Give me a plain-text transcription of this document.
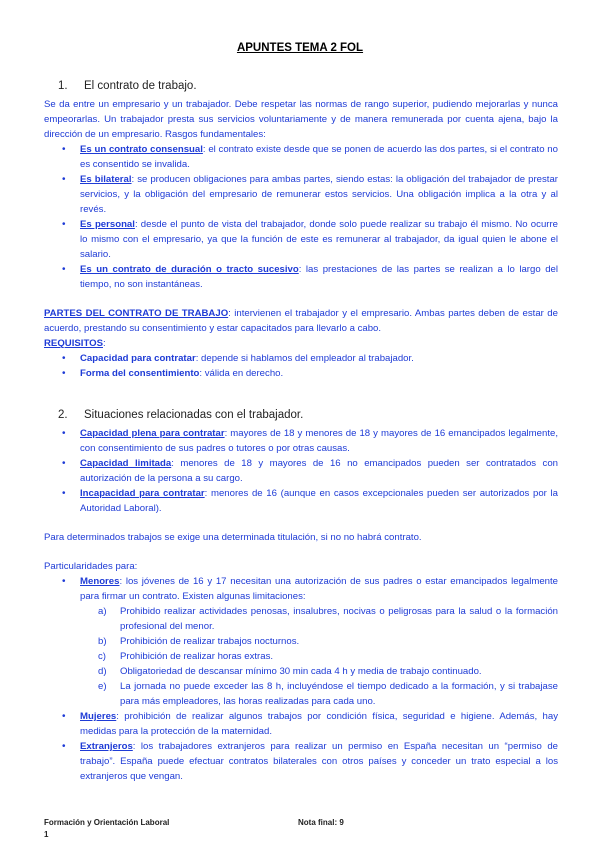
APUNTES TEMA 2 FOL
1. El contrato de trabajo.

Se da entre un empresario y un trabajador. Debe respetar las normas de rango superior, pudiendo mejorarlas y nunca empeorarlas. Un trabajador presta sus servicios voluntariamente y de manera remunerada por cuenta ajena, bajo la dirección de un empresario. Rasgos fundamentales:

• Es un contrato consensual: el contrato existe desde que se ponen de acuerdo las dos partes, si el contrato no es consentido se invalida.
• Es bilateral: se producen obligaciones para ambas partes, siendo estas: la obligación del trabajador de prestar servicios, y la obligación del empresario de remunerar estos servicios. Una obligación implica a la otra y al revés.
• Es personal: desde el punto de vista del trabajador, donde solo puede realizar su trabajo él mismo. No ocurre lo mismo con el empresario, ya que la función de este es remunerar al trabajador, da igual quien le abone el salario.
• Es un contrato de duración o tracto sucesivo: las prestaciones de las partes se realizan a lo largo del tiempo, no son instantáneas.

PARTES DEL CONTRATO DE TRABAJO: intervienen el trabajador y el empresario. Ambas partes deben de estar de acuerdo, prestando su consentimiento y estar capacitados para llevarlo a cabo.

REQUISITOS:

• Capacidad para contratar: depende si hablamos del empleador al trabajador.
• Forma del consentimiento: válida en derecho.
2. Situaciones relacionadas con el trabajador.
• Capacidad plena para contratar: mayores de 18 y menores de 18 y mayores de 16 emancipados legalmente, con consentimiento de sus padres o tutores o por otras causas.
• Capacidad limitada: menores de 18 y mayores de 16 no emancipados pueden ser contratados con autorización de la persona a su cargo.
• Incapacidad para contratar: menores de 16 (aunque en casos excepcionales pueden ser autorizados por la Autoridad Laboral).

Para determinados trabajos se exige una determinada titulación, si no no habrá contrato.

Particularidades para:

• Menores: los jóvenes de 16 y 17 necesitan una autorización de sus padres o estar emancipados legalmente para firmar un contrato. Existen algunas limitaciones:
a) Prohibido realizar actividades penosas, insalubres, nocivas o peligrosas para la salud o la formación profesional del menor.
b) Prohibición de realizar trabajos nocturnos.
c) Prohibición de realizar horas extras.
d) Obligatoriedad de descansar mínimo 30 min cada 4 h y media de trabajo continuado.
e) La jornada no puede exceder las 8 h, incluyéndose el tiempo dedicado a la formación, y si trabajase para más empleadores, las horas realizadas para cada uno.
• Mujeres: prohibición de realizar algunos trabajos por condición física, seguridad e higiene. Además, hay medidas para la protección de la maternidad.
• Extranjeros: los trabajadores extranjeros para realizar un permiso en España necesitan un “permiso de trabajo”. España puede efectuar contratos bilaterales con otros países y conceder un trato especial a los extranjeros que vengan.
Formación y Orientación Laboral	Nota final: 9
1
